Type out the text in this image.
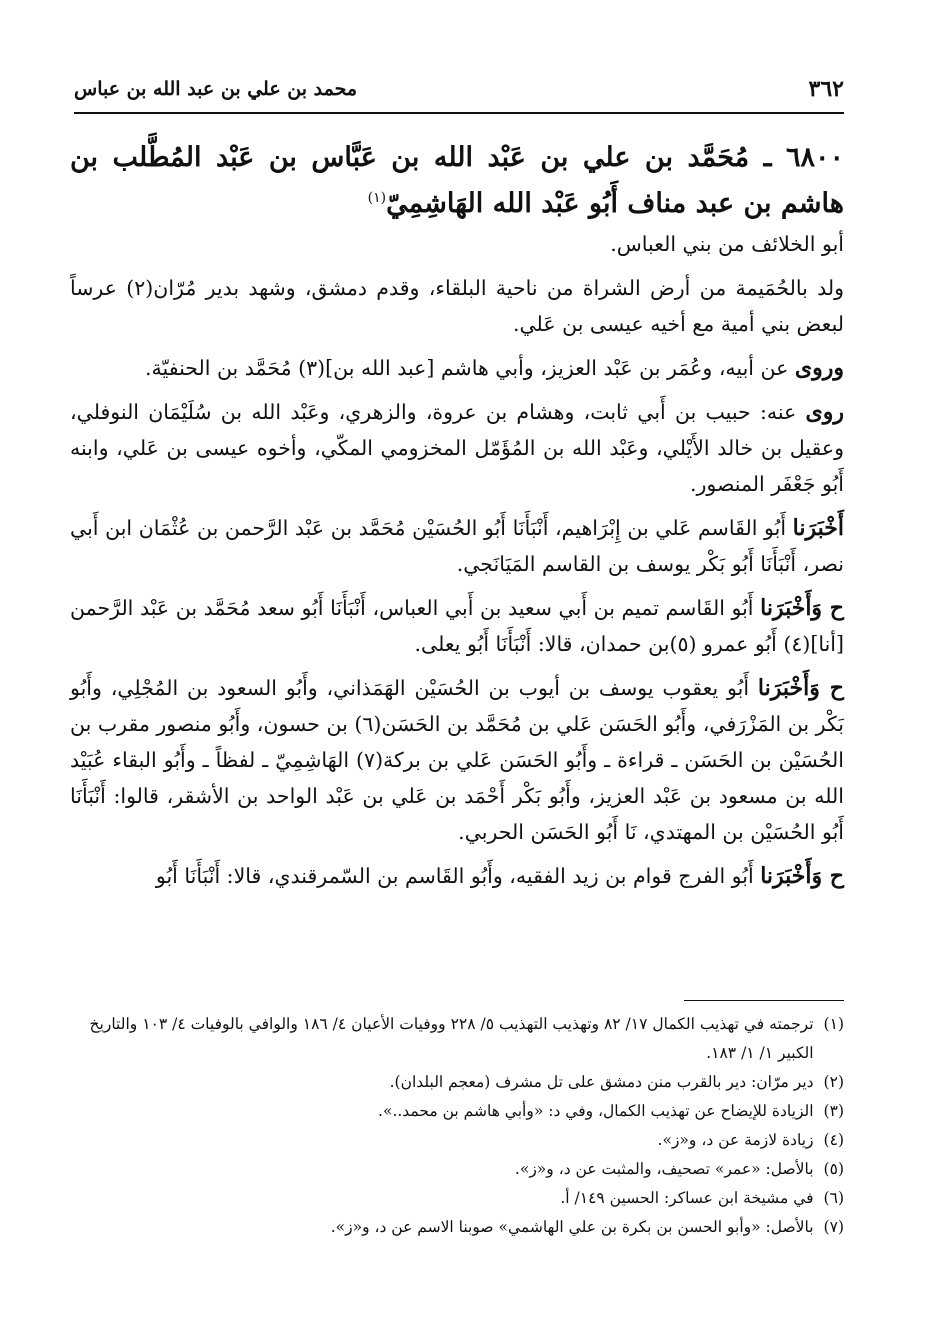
٣٦٢
محمد بن علي بن عبد الله بن عباس
٦٨٠٠ ـ مُحَمَّد بن علي بن عَبْد الله بن عَبَّاس بن عَبْد المُطَّلب بن هاشم بن عبد مناف أَبُو عَبْد الله الهَاشِمِيّ$^{(١)}$

أبو الخلائف من بني العباس.

ولد بالحُمَيمة من أرض الشراة من ناحية البلقاء، وقدم دمشق، وشهد بدير مُرّان(٢) عرساً لبعض بني أمية مع أخيه عيسى بن عَلي.

وروى عن أبيه، وعُمَر بن عَبْد العزيز، وأبي هاشم [عبد الله بن](٣) مُحَمَّد بن الحنفيّة.

روى عنه: حبيب بن أَبي ثابت، وهشام بن عروة، والزهري، وعَبْد الله بن سُلَيْمَان النوفلي، وعقيل بن خالد الأَيْلي، وعَبْد الله بن المُؤَمّل المخزومي المكّي، وأخوه عيسى بن عَلي، وابنه أَبُو جَعْفَر المنصور.

أَخْبَرَنا أَبُو القَاسم عَلي بن إِبْرَاهيم، أَنْبَأَنَا أَبُو الحُسَيْن مُحَمَّد بن عَبْد الرَّحمن بن عُثْمَان ابن أَبي نصر، أَنْبَأَنَا أَبُو بَكْر يوسف بن القاسم المَيَانَجي.

ح وَأَخْبَرَنا أَبُو القَاسم تميم بن أَبي سعيد بن أَبي العباس، أَنْبَأَنَا أَبُو سعد مُحَمَّد بن عَبْد الرَّحمن [أنا](٤) أَبُو عمرو (٥)بن حمدان، قالا: أَنْبَأَنَا أَبُو يعلى.

ح وَأَخْبَرَنا أَبُو يعقوب يوسف بن أيوب بن الحُسَيْن الهَمَذاني، وأَبُو السعود بن المُجْلِي، وأَبُو بَكْر بن المَزْرَفي، وأَبُو الحَسَن عَلي بن مُحَمَّد بن الحَسَن(٦) بن حسون، وأَبُو منصور مقرب بن الحُسَيْن بن الحَسَن ـ قراءة ـ وأَبُو الحَسَن عَلي بن بركة(٧) الهَاشِمِيّ ـ لفظاً ـ وأَبُو البقاء عُبَيْد الله بن مسعود بن عَبْد العزيز، وأَبُو بَكْر أَحْمَد بن عَلي بن عَبْد الواحد بن الأشقر، قالوا: أَنْبَأَنَا أَبُو الحُسَيْن بن المهتدي، نَا أَبُو الحَسَن الحربي.

ح وَأَخْبَرَنا أَبُو الفرج قوام بن زيد الفقيه، وأَبُو القَاسم بن السّمرقندي، قالا: أَنْبَأَنَا أَبُو

(١)
ترجمته في تهذيب الكمال ١٧/ ٨٢ وتهذيب التهذيب ٥/ ٢٢٨ ووفيات الأعيان ٤/ ١٨٦ والوافي بالوفيات ٤/ ١٠٣ والتاريخ الكبير ١/ ١/ ١٨٣.

(٢)
دير مرّان: دير بالقرب منن دمشق على تل مشرف (معجم البلدان).

(٣)
الزيادة للإيضاح عن تهذيب الكمال، وفي د: «وأبي هاشم بن محمد..».

(٤)
زيادة لازمة عن د، و«ز».

(٥)
بالأصل: «عمر» تصحيف، والمثبت عن د، و«ز».

(٦)
في مشيخة ابن عساكر: الحسين ١٤٩/ أ.

(٧)
بالأصل: «وأبو الحسن بن بكرة بن علي الهاشمي» صوبنا الاسم عن د، و«ز».
